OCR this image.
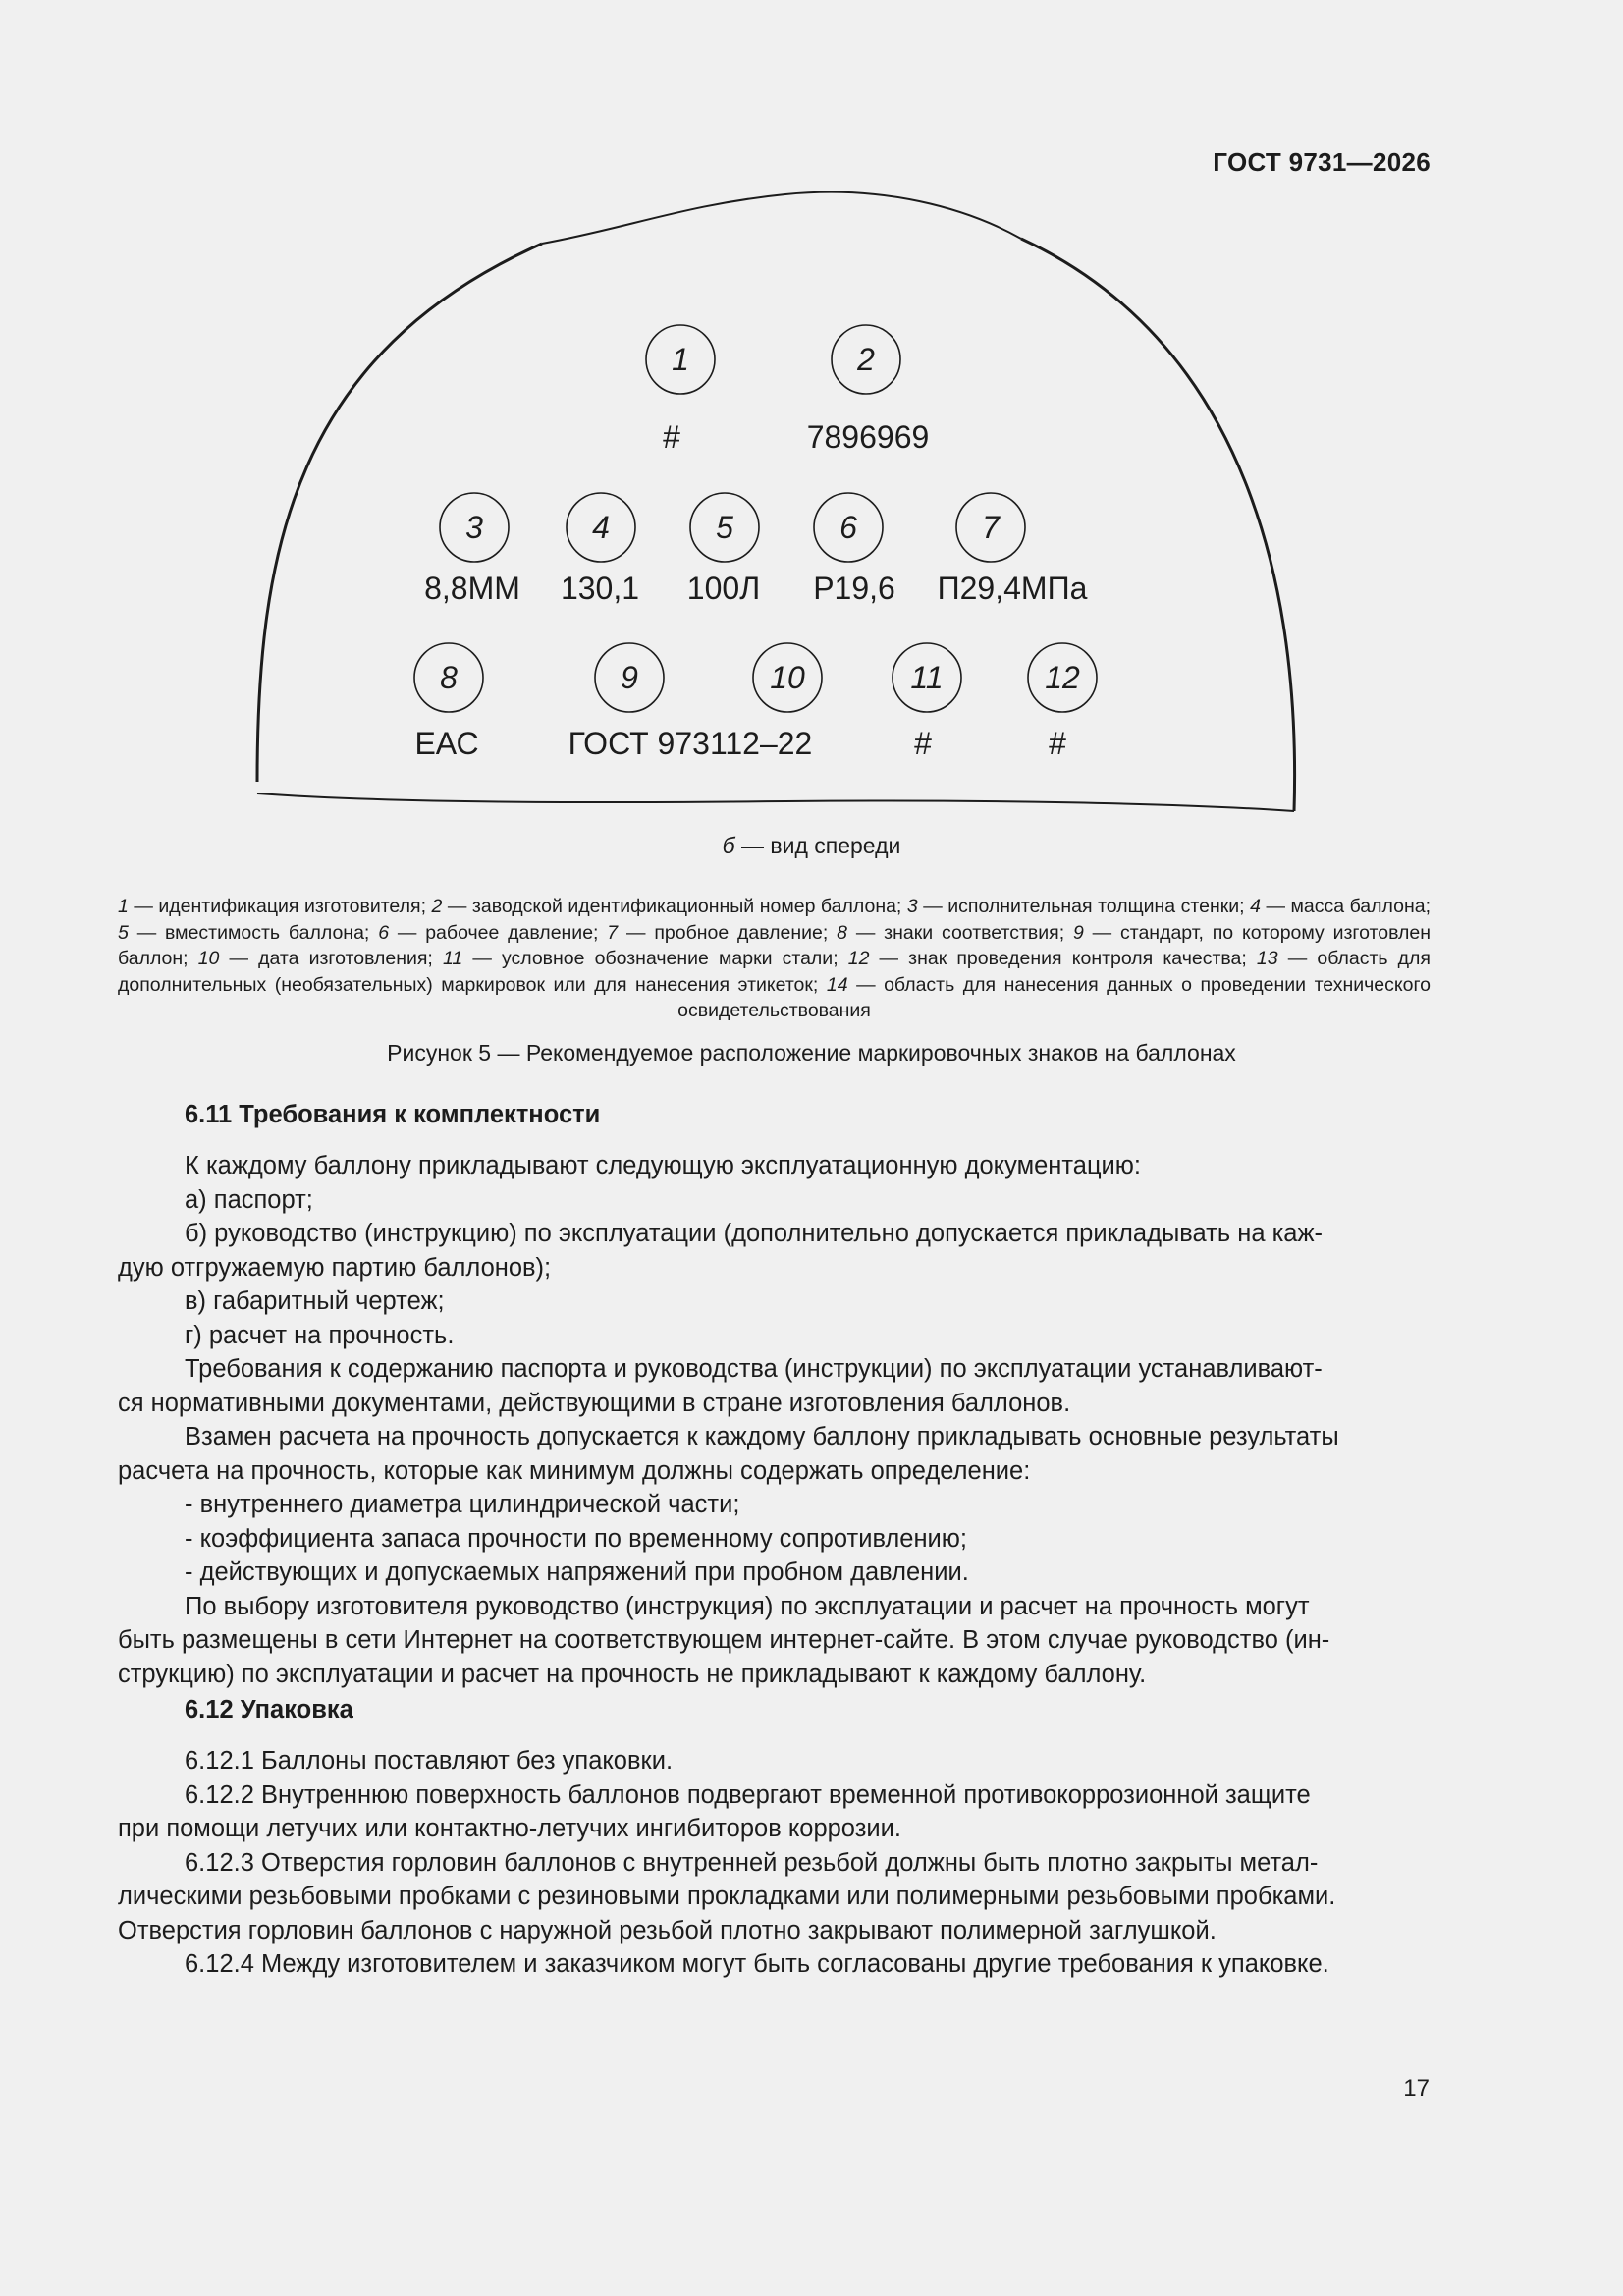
ГОСТ 9731—2026
1
#
2
7896969
3
8,8ММ
4
130,1
5
100Л
6
Р19,6
7
П29,4МПа
8
ЕАС
9
ГОСТ 973112–22
10	11
#
12
#
б — вид спереди

1 — идентификация изготовителя; 2 — заводской идентификационный номер баллона; 3 — исполнительная толщина стенки; 4 — масса баллона; 5 — вместимость баллона; 6 — рабочее давление; 7 — пробное давление; 8 — знаки соответствия; 9 — стандарт, по которому изготовлен баллон; 10 — дата изготовления; 11 — условное обозначение марки стали; 12 — знак проведения контроля качества; 13 — область для дополнительных (необязательных) маркировок или для нанесения этикеток; 14 — область для нанесения данных о проведении технического освидетельствования

Рисунок 5 — Рекомендуемое расположение маркировочных знаков на баллонах
6.11 Требования к комплектности

К каждому баллону прикладывают следующую эксплуатационную документацию:

а) паспорт;

б) руководство (инструкцию) по эксплуатации (дополнительно допускается прикладывать на каж-

дую отгружаемую партию баллонов);

в) габаритный чертеж;

г) расчет на прочность.

Требования к содержанию паспорта и руководства (инструкции) по эксплуатации устанавливают-

ся нормативными документами, действующими в стране изготовления баллонов.

Взамен расчета на прочность допускается к каждому баллону прикладывать основные результаты

расчета на прочность, которые как минимум должны содержать определение:

- внутреннего диаметра цилиндрической части;

- коэффициента запаса прочности по временному сопротивлению;

- действующих и допускаемых напряжений при пробном давлении.

По выбору изготовителя руководство (инструкция) по эксплуатации и расчет на прочность могут

быть размещены в сети Интернет на соответствующем интернет-сайте. В этом случае руководство (ин-

струкцию) по эксплуатации и расчет на прочность не прикладывают к каждому баллону.

6.12 Упаковка

6.12.1 Баллоны поставляют без упаковки.

6.12.2 Внутреннюю поверхность баллонов подвергают временной противокоррозионной защите

при помощи летучих или контактно-летучих ингибиторов коррозии.

6.12.3 Отверстия горловин баллонов с внутренней резьбой должны быть плотно закрыты метал-

лическими резьбовыми пробками с резиновыми прокладками или полимерными резьбовыми пробками.

Отверстия горловин баллонов с наружной резьбой плотно закрывают полимерной заглушкой.

6.12.4 Между изготовителем и заказчиком могут быть согласованы другие требования к упаковке.

17
